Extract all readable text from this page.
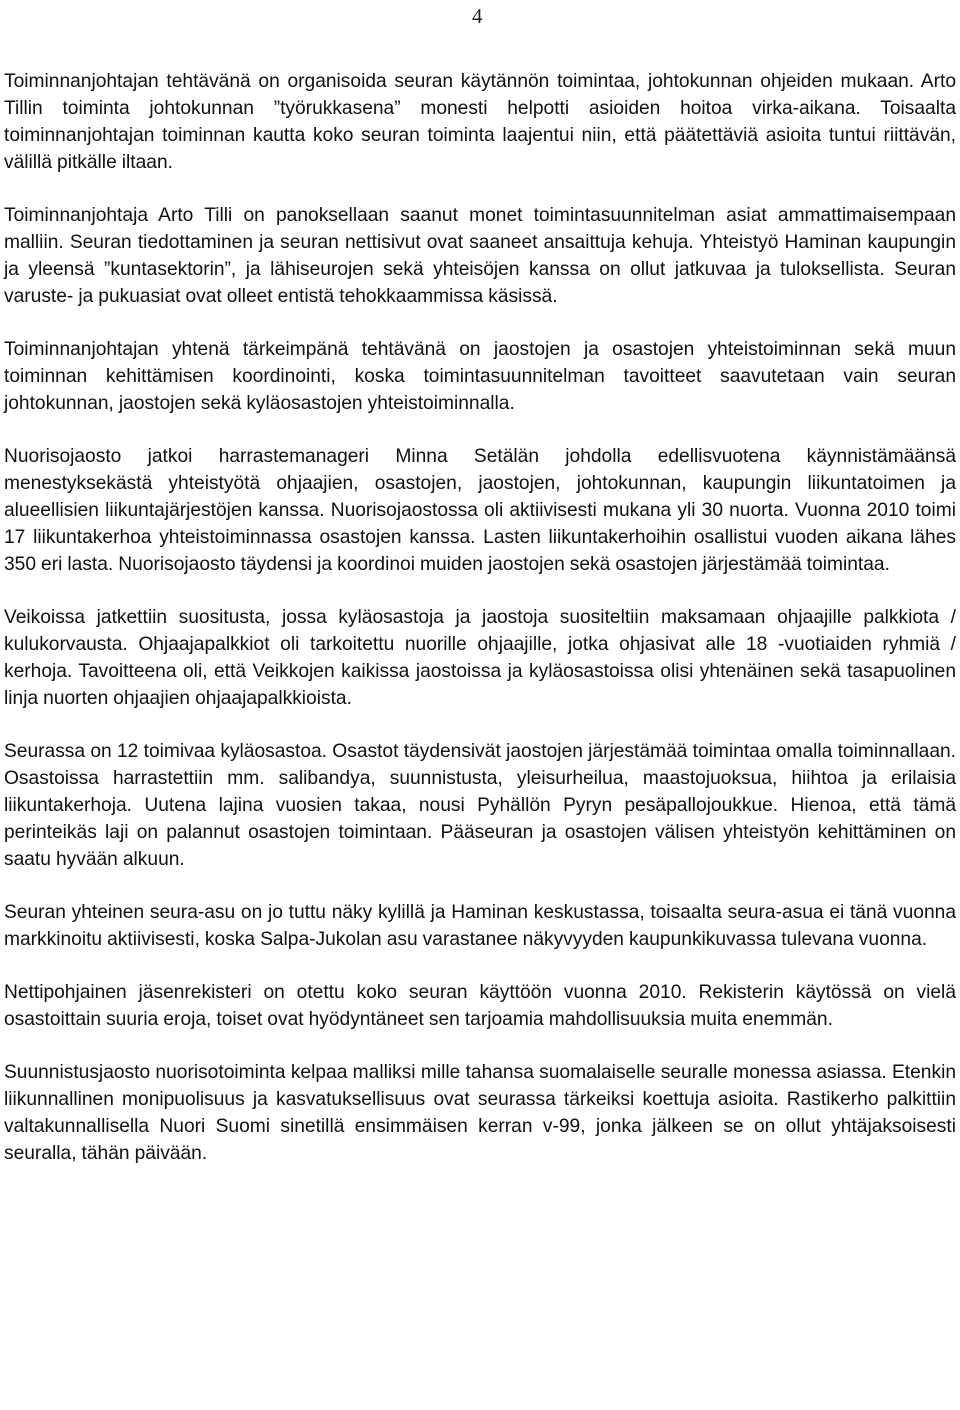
4

Toiminnanjohtajan tehtävänä on organisoida seuran käytännön toimintaa, johtokunnan ohjeiden mukaan. Arto Tillin toiminta johtokunnan ”työrukkasena” monesti helpotti asioiden hoitoa virka-aikana. Toisaalta toiminnanjohtajan toiminnan kautta koko seuran toiminta laajentui niin, että päätettäviä asioita tuntui riittävän, välillä pitkälle iltaan.

Toiminnanjohtaja Arto Tilli on panoksellaan saanut monet toimintasuunnitelman asiat ammattimaisempaan malliin. Seuran tiedottaminen ja seuran nettisivut ovat saaneet ansaittuja kehuja. Yhteistyö Haminan kaupungin ja yleensä ”kuntasektorin”, ja lähiseurojen sekä yhteisöjen kanssa on ollut jatkuvaa ja tuloksellista. Seuran varuste- ja pukuasiat ovat olleet entistä tehokkaammissa käsissä.

Toiminnanjohtajan yhtenä tärkeimpänä tehtävänä on jaostojen ja osastojen yhteistoiminnan sekä muun toiminnan kehittämisen koordinointi, koska toimintasuunnitelman tavoitteet saavutetaan vain seuran johtokunnan, jaostojen sekä kyläosastojen yhteistoiminnalla.

Nuorisojaosto jatkoi harrastemanageri Minna Setälän johdolla edellisvuotena käynnistämäänsä menestyksekästä yhteistyötä ohjaajien, osastojen, jaostojen, johtokunnan, kaupungin liikuntatoimen ja alueellisien liikuntajärjestöjen kanssa. Nuorisojaostossa oli aktiivisesti mukana yli 30 nuorta. Vuonna 2010 toimi 17 liikuntakerhoa yhteistoiminnassa osastojen kanssa. Lasten liikuntakerhoihin osallistui vuoden aikana lähes 350 eri lasta. Nuorisojaosto täydensi ja koordinoi muiden jaostojen sekä osastojen järjestämää toimintaa.

Veikoissa jatkettiin suositusta, jossa kyläosastoja ja jaostoja suositeltiin maksamaan ohjaajille palkkiota / kulukorvausta. Ohjaajapalkkiot oli tarkoitettu nuorille ohjaajille, jotka ohjasivat alle 18 -vuotiaiden ryhmiä / kerhoja. Tavoitteena oli, että Veikkojen kaikissa jaostoissa ja kyläosastoissa olisi yhtenäinen sekä tasapuolinen linja nuorten ohjaajien ohjaajapalkkioista.

Seurassa on 12 toimivaa kyläosastoa. Osastot täydensivät jaostojen järjestämää toimintaa omalla toiminnallaan. Osastoissa harrastettiin mm. salibandya, suunnistusta, yleisurheilua, maastojuoksua, hiihtoa ja erilaisia liikuntakerhoja. Uutena lajina vuosien takaa, nousi Pyhällön Pyryn pesäpallojoukkue. Hienoa, että tämä perinteikäs laji on palannut osastojen toimintaan. Pääseuran ja osastojen välisen yhteistyön kehittäminen on saatu hyvään alkuun.

Seuran yhteinen seura-asu on jo tuttu näky kylillä ja Haminan keskustassa, toisaalta seura-asua ei tänä vuonna markkinoitu aktiivisesti, koska Salpa-Jukolan asu varastanee näkyvyyden kaupunkikuvassa tulevana vuonna.

Nettipohjainen jäsenrekisteri on otettu koko seuran käyttöön vuonna 2010. Rekisterin käytössä on vielä osastoittain suuria eroja, toiset ovat hyödyntäneet sen tarjoamia mahdollisuuksia muita enemmän.

Suunnistusjaosto nuorisotoiminta kelpaa malliksi mille tahansa suomalaiselle seuralle monessa asiassa. Etenkin liikunnallinen monipuolisuus ja kasvatuksellisuus ovat seurassa tärkeiksi koettuja asioita. Rastikerho palkittiin valtakunnallisella Nuori Suomi sinetillä ensimmäisen kerran v-99, jonka jälkeen se on ollut yhtäjaksoisesti seuralla, tähän päivään.
